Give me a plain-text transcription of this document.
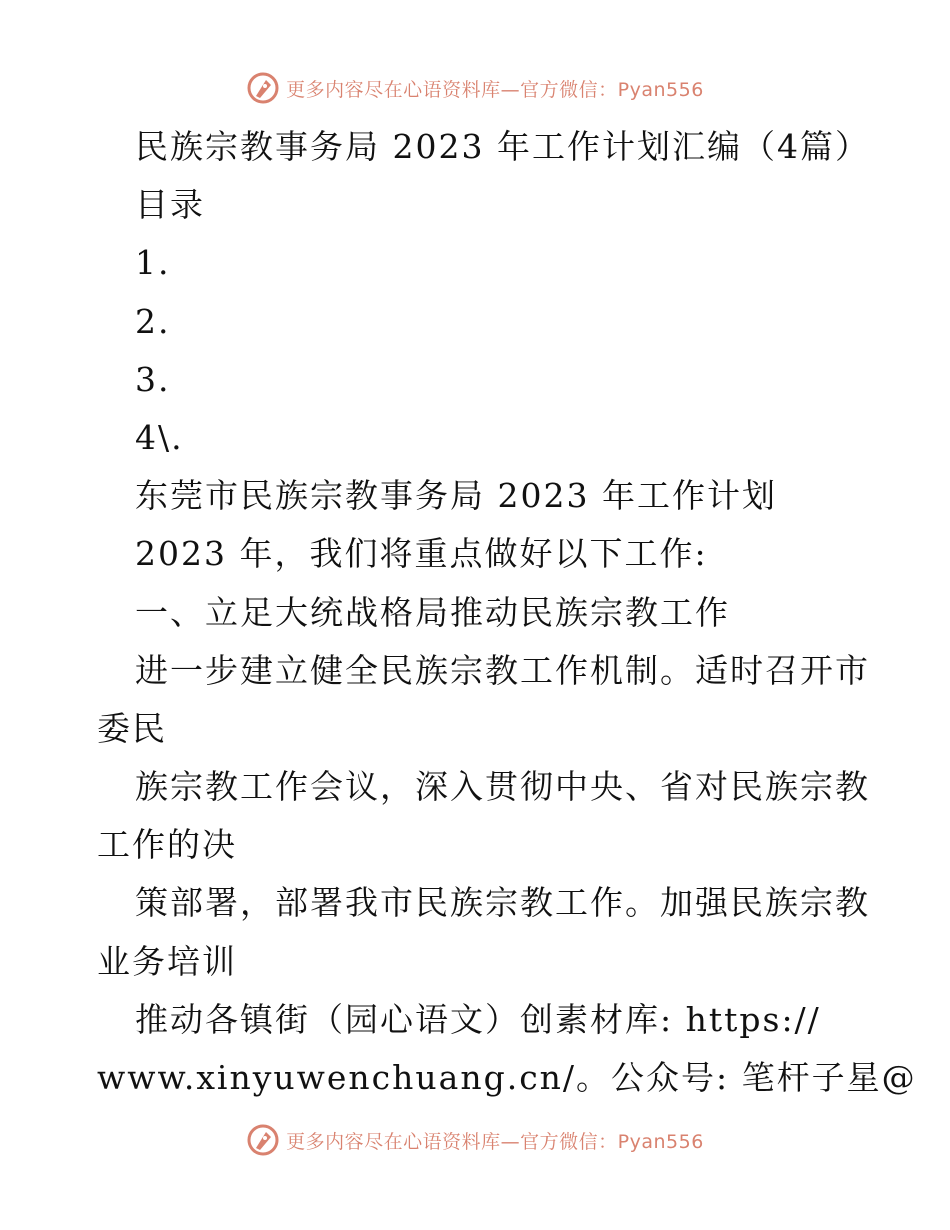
更多内容尽在心语资料库—官方微信：Pyan556
民族宗教事务局 2023 年工作计划汇编（4篇）
目录
1.
2.
3.
4\.
东莞市民族宗教事务局 2023 年工作计划
2023 年，我们将重点做好以下工作:
一、立足大统战格局推动民族宗教工作
进一步建立健全民族宗教工作机制。适时召开市
委民
族宗教工作会议，深入贯彻中央、省对民族宗教
工作的决
策部署，部署我市民族宗教工作。加强民族宗教
业务培训
推动各镇街（园心语文）创素材库: https://
www.xinyuwenchuang.cn/。公众号: 笔杆子星@
更多内容尽在心语资料库—官方微信：Pyan556
